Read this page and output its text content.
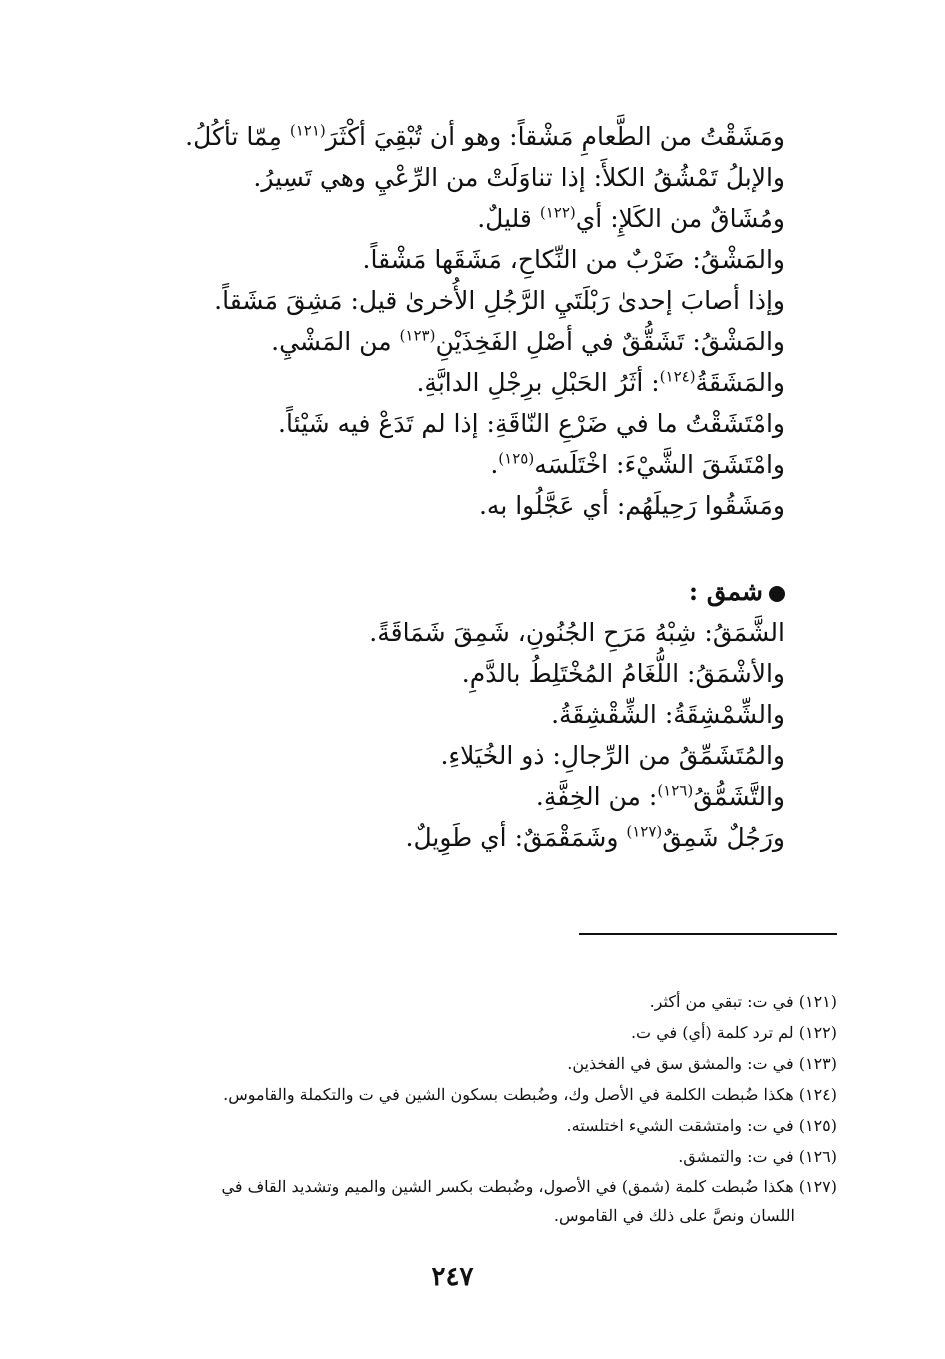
ومَشَقْتُ من الطَّعامِ مَشْقاً: وهو أن تُبْقِيَ أكْثَرَ$^{(١٢١)}$ مِمّا تأكُلُ.

والإبلُ تَمْشُقُ الكلأَ: إذا تناوَلَتْ من الرِّعْيِ وهي تَسِيرُ.

ومُشَاقٌ من الكَلإِ: أي$^{(١٢٢)}$ قليلٌ.

والمَشْقُ: ضَرْبٌ من النِّكاحِ، مَشَقَها مَشْقاً.

وإذا أصابَ إحدىٰ رَبْلَتَيِ الرَّجُلِ الأُخرىٰ قيل: مَشِقَ مَشَقاً.

والمَشْقُ: تَشَقُّقٌ في أصْلِ الفَخِذَيْنِ$^{(١٢٣)}$ من المَشْيِ.

والمَشَقَةُ$^{(١٢٤)}$: أثَرُ الحَبْلِ برِجْلِ الدابَّةِ.

وامْتَشَقْتُ ما في ضَرْعِ النّاقَةِ: إذا لم تَدَعْ فيه شَيْئاً.

وامْتَشَقَ الشَّيْءَ: اخْتَلَسَه$^{(١٢٥)}$.

ومَشَقُوا رَحِيلَهُم: أي عَجَّلُوا به.

شمق :

الشَّمَقُ: شِبْهُ مَرَحِ الجُنُونِ، شَمِقَ شَمَاقَةً.

والأشْمَقُ: اللُّغَامُ المُخْتَلِطُ بالدَّمِ.

والشِّمْشِقَةُ: الشِّقْشِقَةُ.

والمُتَشَمِّقُ من الرِّجالِ: ذو الخُيَلاءِ.

والتَّشَمُّقُ$^{(١٢٦)}$: من الخِفَّةِ.

ورَجُلٌ شَمِقٌ$^{(١٢٧)}$ وشَمَقْمَقٌ: أي طَوِيلٌ.

(١٢١) في ت: تبقي من أكثر.

(١٢٢) لم ترد كلمة (أي) في ت.

(١٢٣) في ت: والمشق سق في الفخذين.

(١٢٤) هكذا ضُبطت الكلمة في الأصل وك، وضُبطت بسكون الشين في ت والتكملة والقاموس.

(١٢٥) في ت: وامتشقت الشيء اختلسته.

(١٢٦) في ت: والتمشق.

(١٢٧) هكذا ضُبطت كلمة (شمق) في الأصول، وضُبطت بكسر الشين والميم وتشديد القاف في
اللسان ونصَّ على ذلك في القاموس.

٢٤٧
